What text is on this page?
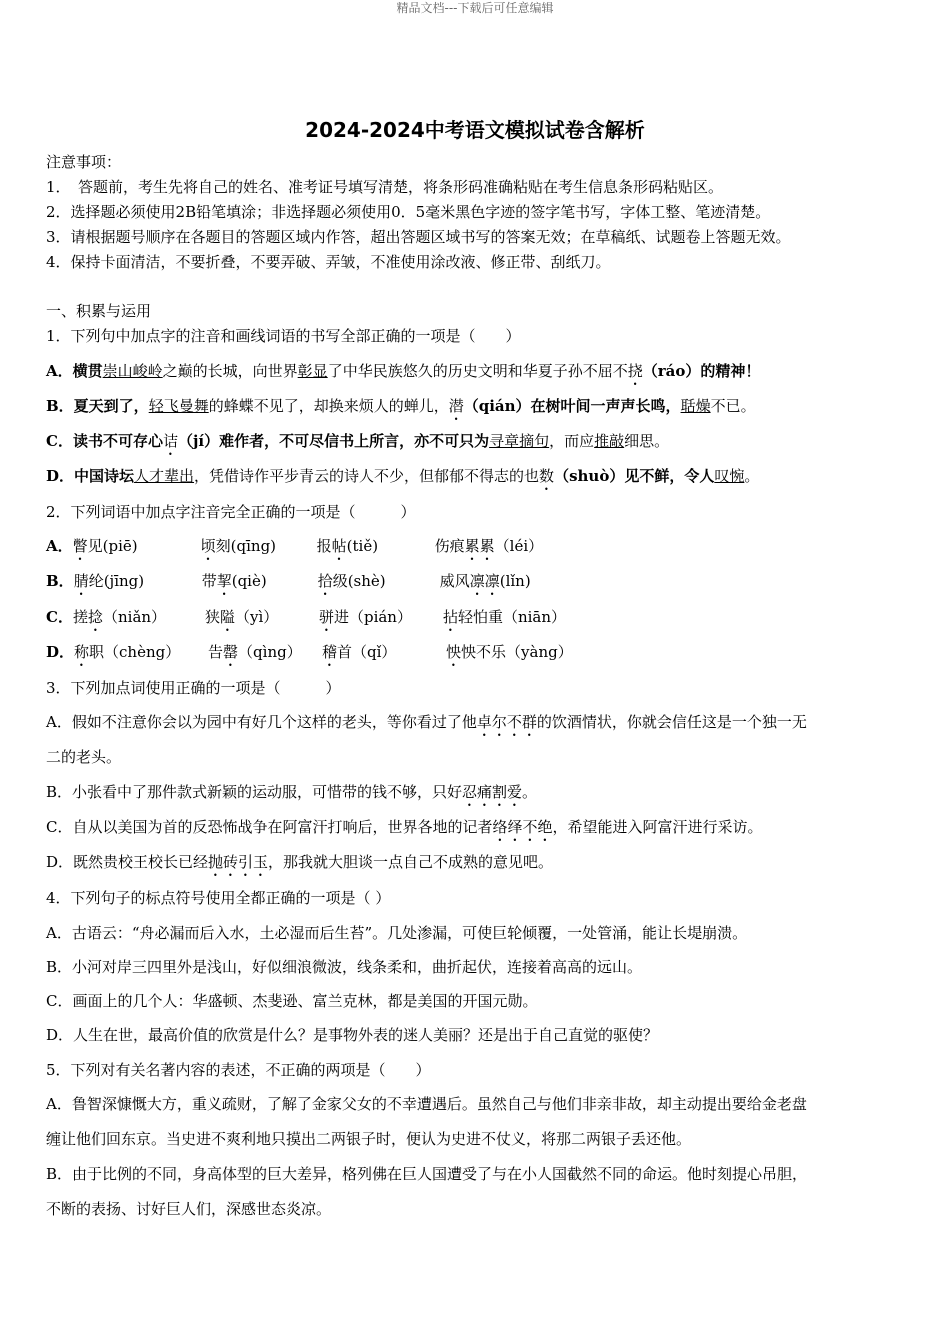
精品文档---下载后可任意编辑
2024-2024中考语文模拟试卷含解析
注意事项：
1．　答题前，考生先将自己的姓名、准考证号填写清楚，将条形码准确粘贴在考生信息条形码粘贴区。
2．选择题必须使用2B铅笔填涂；非选择题必须使用0．5毫米黑色字迹的签字笔书写，字体工整、笔迹清楚。
3．请根据题号顺序在各题目的答题区域内作答，超出答题区域书写的答案无效；在草稿纸、试题卷上答题无效。
4．保持卡面清洁，不要折叠，不要弄破、弄皱，不准使用涂改液、修正带、刮纸刀。
一、积累与运用
1．下列句中加点字的注音和画线词语的书写全部正确的一项是（　　）
A．横贯崇山峻岭之巅的长城，向世界彰显了中华民族悠久的历史文明和华夏子孙不屈不挠（ráo）的精神！
B．夏天到了，轻飞曼舞的蜂蝶不见了，却换来烦人的蝉儿，潜（qián）在树叶间一声声长鸣，聒燥不已。
C．读书不可存心诘（jí）难作者，不可尽信书上所言，亦不可只为寻章摘句，而应推敲细思。
D．中国诗坛人才辈出，凭借诗作平步青云的诗人不少，但郁郁不得志的也数（shuò）见不鲜，令人叹惋。
2．下列词语中加点字注音完全正确的一项是（　　　）
A．瞥见(piē)	顷刻(qīng)	报帖(tiě)	伤痕累累（léi）
B．腈纶(jīng)	带挈(qiè)	拾级(shè)	威风凛凛(lǐn)
C．搓捻（niǎn）	狭隘（yì）	骈进（pián） 拈轻怕重（niān）
D．称职（chèng） 告罄（qìng） 稽首（qǐ）	怏怏不乐（yàng）
3．下列加点词使用正确的一项是（　　　）
A．假如不注意你会以为园中有好几个这样的老头，等你看过了他卓尔不群的饮酒情状，你就会信任这是一个独一无
二的老头。
B．小张看中了那件款式新颖的运动服，可惜带的钱不够，只好忍痛割爱。
C．自从以美国为首的反恐怖战争在阿富汗打响后，世界各地的记者络绎不绝，希望能进入阿富汗进行采访。
D．既然贵校王校长已经抛砖引玉，那我就大胆谈一点自己不成熟的意见吧。
4．下列句子的标点符号使用全都正确的一项是（ ）
A．古语云：“舟必漏而后入水，土必湿而后生苔”。几处渗漏，可使巨轮倾覆，一处管涌，能让长堤崩溃。
B．小河对岸三四里外是浅山，好似细浪微波，线条柔和，曲折起伏，连接着高高的远山。
C．画面上的几个人：华盛顿、杰斐逊、富兰克林，都是美国的开国元勋。
D．人生在世，最高价值的欣赏是什么？是事物外表的迷人美丽？还是出于自己直觉的驱使？
5．下列对有关名著内容的表述，不正确的两项是（　　）
A．鲁智深慷慨大方，重义疏财，了解了金家父女的不幸遭遇后。虽然自己与他们非亲非故，却主动提出要给金老盘
缠让他们回东京。当史进不爽利地只摸出二两银子时，便认为史进不仗义，将那二两银子丢还他。
B．由于比例的不同，身高体型的巨大差异，格列佛在巨人国遭受了与在小人国截然不同的命运。他时刻提心吊胆，
不断的表扬、讨好巨人们，深感世态炎凉。
